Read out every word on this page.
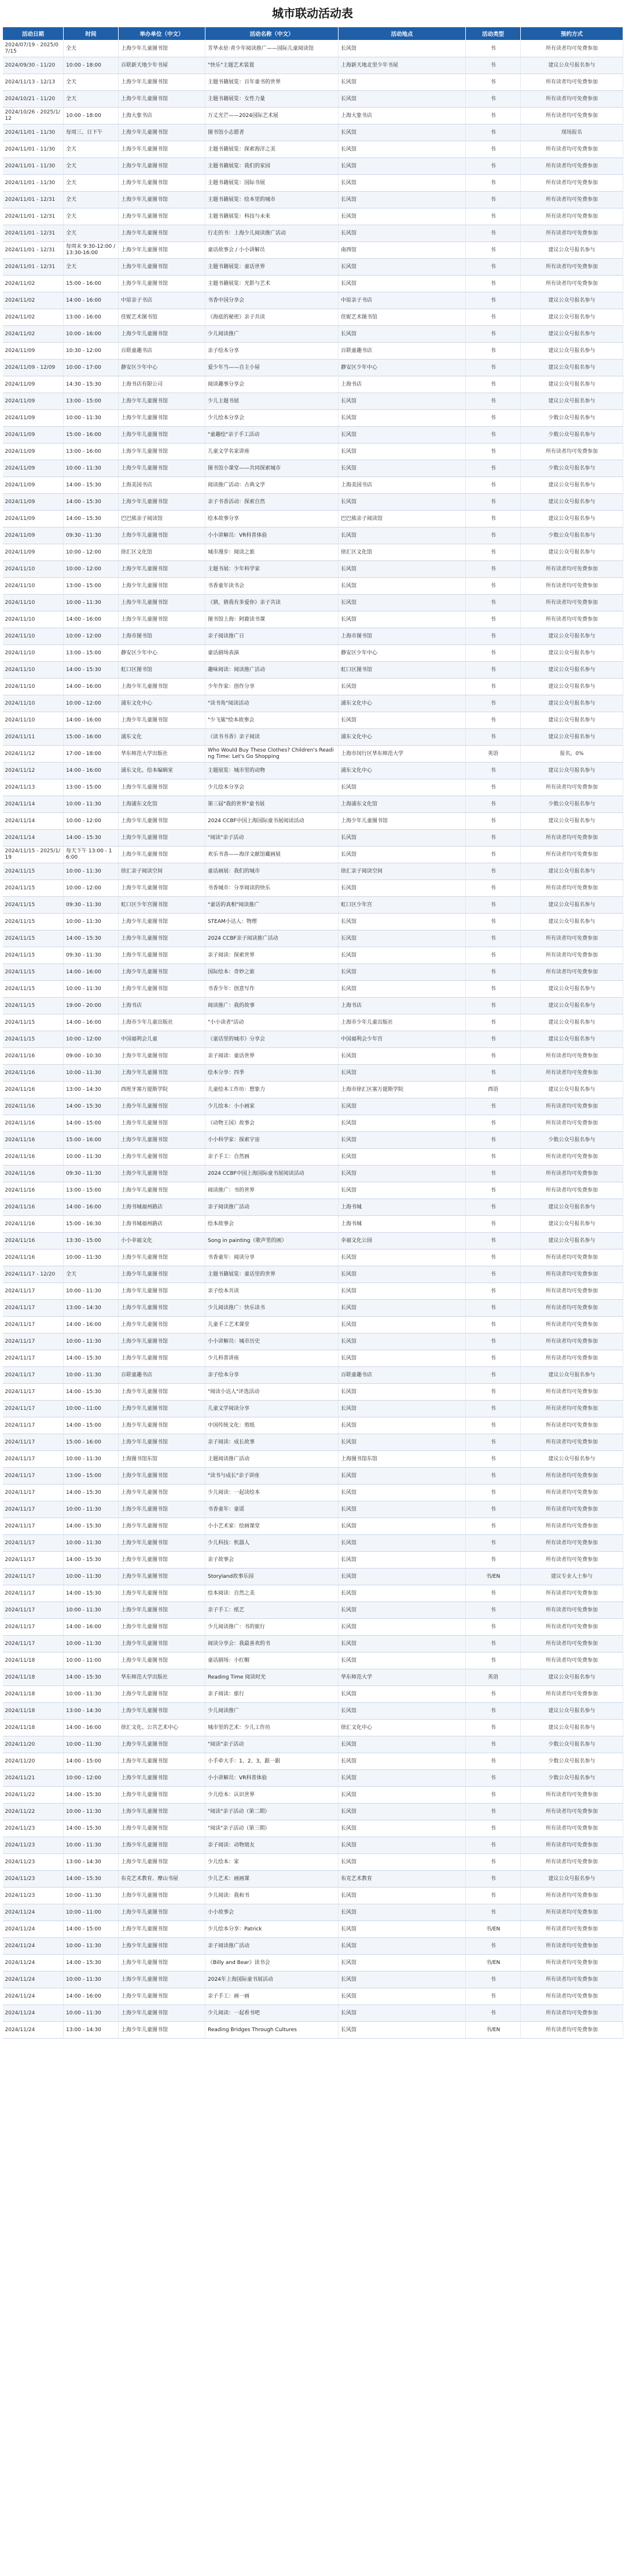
城市联动活动表
活动日期	时间	举办单位（中文）	活动名称（中文）	活动地点	活动类型	预约方式
2024/07/19 - 2025/07/15	全天	上海少年儿童图书馆	芳华永驻·青少年阅读推广——国际儿童阅读馆	长风馆	书	所有读者均可免费参加
2024/09/30 - 11/20	10:00 - 18:00	百联新天地少年书屋	"快乐"主题艺术装置	上海新天地北里少年书屋	书	建议公众号报名参与
2024/11/13 - 12/13	全天	上海少年儿童图书馆	主题书籍展览：百年童书的世界	长风馆	书	所有读者均可免费参加
2024/10/21 - 11/20	全天	上海少年儿童图书馆	主题书籍展览：女性力量	长风馆	书	所有读者均可免费参加
2024/10/26 - 2025/1/12	10:00 - 18:00	上海大象书店	万丈光芒——2024国际艺术展	上海大象书店	书	所有读者均可免费参加
2024/11/01 - 11/30	每周三、日下午	上海少年儿童图书馆	图书馆小志愿者	长风馆	书	现场报名
2024/11/01 - 11/30	全天	上海少年儿童图书馆	主题书籍展览：探索海洋之美	长风馆	书	所有读者均可免费参加
2024/11/01 - 11/30	全天	上海少年儿童图书馆	主题书籍展览：我们的家园	长风馆	书	所有读者均可免费参加
2024/11/01 - 11/30	全天	上海少年儿童图书馆	主题书籍展览：国际书展	长风馆	书	所有读者均可免费参加
2024/11/01 - 12/31	全天	上海少年儿童图书馆	主题书籍展览：绘本里的城市	长风馆	书	所有读者均可免费参加
2024/11/01 - 12/31	全天	上海少年儿童图书馆	主题书籍展览：科技与未来	长风馆	书	所有读者均可免费参加
2024/11/01 - 12/31	全天	上海少年儿童图书馆	行走的书：上海少儿阅读推广活动	长风馆	书	所有读者均可免费参加
2024/11/01 - 12/31	每周末 9:30-12:00 / 13:30-16:00	上海少年儿童图书馆	童话故事会 / 小小讲解员	南西馆	书	建议公众号报名参与
2024/11/01 - 12/31	全天	上海少年儿童图书馆	主题书籍展览：童话世界	长风馆	书	所有读者均可免费参加
2024/11/02	15:00 - 16:00	上海少年儿童图书馆	主题书籍展览：光影与艺术	长风馆	书	所有读者均可免费参加
2024/11/02	14:00 - 16:00	中原亲子书店	书香中国分享会	中原亲子书店	书	建议公众号报名参与
2024/11/02	13:00 - 16:00	佳妮艺术图书馆	《海底的秘密》亲子共读	佳妮艺术图书馆	书	建议公众号报名参与
2024/11/02	10:00 - 16:00	上海少年儿童图书馆	少儿阅读推广	长风馆	书	建议公众号报名参与
2024/11/09	10:30 - 12:00	百联童趣书店	亲子绘本分享	百联童趣书店	书	建议公众号报名参与
2024/11/09 - 12/09	10:00 - 17:00	静安区少年中心	爱少年当——自主小屋	静安区少年中心	书	建议公众号报名参与
2024/11/09	14:30 - 15:30	上海书店有限公司	阅读趣事分享会	上海书店	书	建议公众号报名参与
2024/11/09	13:00 - 15:00	上海少年儿童图书馆	少儿主题书展	长风馆	书	建议公众号报名参与
2024/11/09	10:00 - 11:30	上海少年儿童图书馆	少儿绘本分享会	长风馆	书	少数公众号报名参与
2024/11/09	15:00 - 16:00	上海少年儿童图书馆	"童趣绘"亲子手工活动	长风馆	书	少数公众号报名参与
2024/11/09	13:00 - 16:00	上海少年儿童图书馆	儿童文学名家讲座	长风馆	书	所有读者均可免费参加
2024/11/09	10:00 - 11:30	上海少年儿童图书馆	图书馆小课堂——共同探索城市	长风馆	书	少数公众号报名参与
2024/11/09	14:00 - 15:30	上海美国书店	阅读推广活动：古典文学	上海美国书店	书	建议公众号报名参与
2024/11/09	14:00 - 15:30	上海少年儿童图书馆	亲子书香活动：探索自然	长风馆	书	建议公众号报名参与
2024/11/09	14:00 - 15:30	巴巴熊亲子阅读馆	绘本故事分享	巴巴熊亲子阅读馆	书	建议公众号报名参与
2024/11/09	09:30 - 11:30	上海少年儿童图书馆	小小讲解员：VR科普体验	长风馆	书	少数公众号报名参与
2024/11/09	10:00 - 12:00	徐汇区文化馆	城市漫步：阅读之旅	徐汇区文化馆	书	建议公众号报名参与
2024/11/10	10:00 - 12:00	上海少年儿童图书馆	主题书展：少年科学家	长风馆	书	所有读者均可免费参加
2024/11/10	13:00 - 15:00	上海少年儿童图书馆	书香童年读书会	长风馆	书	所有读者均可免费参加
2024/11/10	10:00 - 11:30	上海少年儿童图书馆	《猜，猜我有多爱你》亲子共读	长风馆	书	所有读者均可免费参加
2024/11/10	14:00 - 16:00	上海少年儿童图书馆	图书馆上海：阿鹿读书课	长风馆	书	所有读者均可免费参加
2024/11/10	10:00 - 12:00	上海市图书馆	亲子阅读推广日	上海市图书馆	书	建议公众号报名参与
2024/11/10	13:00 - 15:00	静安区少年中心	童话剧场表演	静安区少年中心	书	建议公众号报名参与
2024/11/10	14:00 - 15:30	虹口区图书馆	趣味阅读：阅读推广活动	虹口区图书馆	书	建议公众号报名参与
2024/11/10	14:00 - 16:00	上海少年儿童图书馆	少年作家：创作分享	长风馆	书	建议公众号报名参与
2024/11/10	10:00 - 12:00	浦东文化中心	"读书角"阅读活动	浦东文化中心	书	建议公众号报名参与
2024/11/10	14:00 - 16:00	上海少年儿童图书馆	"少飞鲨"绘本故事会	长风馆	书	建议公众号报名参与
2024/11/11	15:00 - 16:00	浦东文化	《读书书香》亲子阅读	浦东文化中心	书	建议公众号报名参与
2024/11/12	17:00 - 18:00	华东师范大学出版社	Who Would Buy These Clothes? Children's Reading Time: Let's Go Shopping	上海市闵行区华东师范大学	英语	报名，0%
2024/11/12	14:00 - 16:00	浦东文化、绘本编辑室	主题展览：城市里的动物	浦东文化中心	书	建议公众号报名参与
2024/11/13	13:00 - 15:00	上海少年儿童图书馆	少儿绘本分享会	长风馆	书	所有读者均可免费参加
2024/11/14	10:00 - 11:30	上海浦东文化馆	第三届"我的世界"童书展	上海浦东文化馆	书	少数公众号报名参与
2024/11/14	10:00 - 12:00	上海少年儿童图书馆	2024 CCBF中国上海国际童书展阅读活动	上海少年儿童图书馆	书	建议公众号报名参与
2024/11/14	14:00 - 15:30	上海少年儿童图书馆	"阅读"亲子活动	长风馆	书	所有读者均可免费参加
2024/11/15 - 2025/1/19	每天下午 13:00 - 16:00	上海少年儿童图书馆	欢乐书香——海洋文献馆藏画展	长风馆	书	所有读者均可免费参加
2024/11/15	10:00 - 11:30	徐汇亲子阅读空间	童话画展：我们的城市	徐汇亲子阅读空间	书	建议公众号报名参与
2024/11/15	10:00 - 12:00	上海少年儿童图书馆	书香城市：分享阅读的快乐	长风馆	书	所有读者均可免费参加
2024/11/15	09:30 - 11:30	虹口区少年宫图书馆	"童话的真相"阅读推广	虹口区少年宫	书	建议公众号报名参与
2024/11/15	10:00 - 11:30	上海少年儿童图书馆	STEAM小达人：物理	长风馆	书	建议公众号报名参与
2024/11/15	14:00 - 15:30	上海少年儿童图书馆	2024 CCBF亲子阅读推广活动	长风馆	书	所有读者均可免费参加
2024/11/15	09:30 - 11:30	上海少年儿童图书馆	亲子阅读：探索世界	长风馆	书	所有读者均可免费参加
2024/11/15	14:00 - 16:00	上海少年儿童图书馆	国际绘本：奇妙之旅	长风馆	书	所有读者均可免费参加
2024/11/15	10:00 - 11:30	上海少年儿童图书馆	书香少年：创意写作	长风馆	书	建议公众号报名参与
2024/11/15	19:00 - 20:00	上海书店	阅读推广：我的故事	上海书店	书	建议公众号报名参与
2024/11/15	14:00 - 16:00	上海市少年儿童出版社	"小小读者"活动	上海市少年儿童出版社	书	建议公众号报名参与
2024/11/15	10:00 - 12:00	中国福利会儿童	《童话里的城市》分享会	中国福利会少年宫	书	建议公众号报名参与
2024/11/16	09:00 - 10:30	上海少年儿童图书馆	亲子阅读：童话世界	长风馆	书	所有读者均可免费参加
2024/11/16	10:00 - 11:30	上海少年儿童图书馆	绘本分享：四季	长风馆	书	所有读者均可免费参加
2024/11/16	13:00 - 14:30	西班牙塞万提斯学院	儿童绘本工作坊：想象力	上海市徐汇区塞万提斯学院	西语	建议公众号报名参与
2024/11/16	14:00 - 15:30	上海少年儿童图书馆	少儿绘本：小小画家	长风馆	书	所有读者均可免费参加
2024/11/16	14:00 - 15:00	上海少年儿童图书馆	《动物王国》故事会	长风馆	书	所有读者均可免费参加
2024/11/16	15:00 - 16:00	上海少年儿童图书馆	小小科学家：探索宇宙	长风馆	书	少数公众号报名参与
2024/11/16	10:00 - 11:30	上海少年儿童图书馆	亲子手工：自然画	长风馆	书	所有读者均可免费参加
2024/11/16	09:30 - 11:30	上海少年儿童图书馆	2024 CCBF中国上海国际童书展阅读活动	长风馆	书	所有读者均可免费参加
2024/11/16	13:00 - 15:00	上海少年儿童图书馆	阅读推广：书的世界	长风馆	书	所有读者均可免费参加
2024/11/16	14:00 - 16:00	上海书城福州路店	亲子阅读推广活动	上海书城	书	建议公众号报名参与
2024/11/16	15:00 - 16:30	上海书城福州路店	绘本故事会	上海书城	书	建议公众号报名参与
2024/11/16	13:30 - 15:00	小小幸福文化	Song in painting（歌声里的画）	幸福文化公园	书	建议公众号报名参与
2024/11/16	10:00 - 11:30	上海少年儿童图书馆	书香童年：阅读分享	长风馆	书	所有读者均可免费参加
2024/11/17 - 12/20	全天	上海少年儿童图书馆	主题书籍展览：童话里的世界	长风馆	书	所有读者均可免费参加
2024/11/17	10:00 - 11:30	上海少年儿童图书馆	亲子绘本共读	长风馆	书	所有读者均可免费参加
2024/11/17	13:00 - 14:30	上海少年儿童图书馆	少儿阅读推广：快乐读书	长风馆	书	所有读者均可免费参加
2024/11/17	14:00 - 16:00	上海少年儿童图书馆	儿童手工艺术课堂	长风馆	书	所有读者均可免费参加
2024/11/17	10:00 - 11:30	上海少年儿童图书馆	小小讲解员：城市历史	长风馆	书	所有读者均可免费参加
2024/11/17	14:00 - 15:30	上海少年儿童图书馆	少儿科普讲座	长风馆	书	所有读者均可免费参加
2024/11/17	10:00 - 11:30	百联童趣书店	亲子绘本分享	百联童趣书店	书	建议公众号报名参与
2024/11/17	14:00 - 15:30	上海少年儿童图书馆	"阅读小达人"评选活动	长风馆	书	所有读者均可免费参加
2024/11/17	10:00 - 11:00	上海少年儿童图书馆	儿童文学阅读分享	长风馆	书	所有读者均可免费参加
2024/11/17	14:00 - 15:00	上海少年儿童图书馆	中国传统文化：剪纸	长风馆	书	所有读者均可免费参加
2024/11/17	15:00 - 16:00	上海少年儿童图书馆	亲子阅读：成长故事	长风馆	书	所有读者均可免费参加
2024/11/17	10:00 - 11:30	上海图书馆东馆	主题阅读推广活动	上海图书馆东馆	书	建议公众号报名参与
2024/11/17	13:00 - 15:00	上海少年儿童图书馆	"读书与成长"亲子讲座	长风馆	书	所有读者均可免费参加
2024/11/17	14:00 - 15:30	上海少年儿童图书馆	少儿阅读：一起读绘本	长风馆	书	所有读者均可免费参加
2024/11/17	10:00 - 11:30	上海少年儿童图书馆	书香童年：童谣	长风馆	书	所有读者均可免费参加
2024/11/17	14:00 - 15:30	上海少年儿童图书馆	小小艺术家：绘画课堂	长风馆	书	所有读者均可免费参加
2024/11/17	10:00 - 11:30	上海少年儿童图书馆	少儿科技：机器人	长风馆	书	所有读者均可免费参加
2024/11/17	14:00 - 15:30	上海少年儿童图书馆	亲子故事会	长风馆	书	所有读者均可免费参加
2024/11/17	10:00 - 11:30	上海少年儿童图书馆	Storyland故事乐园	长风馆	书/EN	建议专业人士参与
2024/11/17	14:00 - 15:30	上海少年儿童图书馆	绘本阅读：自然之美	长风馆	书	所有读者均可免费参加
2024/11/17	10:00 - 11:30	上海少年儿童图书馆	亲子手工：纸艺	长风馆	书	所有读者均可免费参加
2024/11/17	14:00 - 16:00	上海少年儿童图书馆	少儿阅读推广：书的旅行	长风馆	书	所有读者均可免费参加
2024/11/17	10:00 - 11:30	上海少年儿童图书馆	阅读分享会：我最喜欢的书	长风馆	书	所有读者均可免费参加
2024/11/18	10:00 - 11:00	上海少年儿童图书馆	童话剧场：小红帽	长风馆	书	所有读者均可免费参加
2024/11/18	14:00 - 15:30	华东师范大学出版社	Reading Time 阅读时光	华东师范大学	英语	建议公众号报名参与
2024/11/18	10:00 - 11:30	上海少年儿童图书馆	亲子阅读：旅行	长风馆	书	所有读者均可免费参加
2024/11/18	13:00 - 14:30	上海少年儿童图书馆	少儿阅读推广	长风馆	书	建议公众号报名参与
2024/11/18	14:00 - 16:00	徐汇文化、公共艺术中心	城市里的艺术：少儿工作坊	徐汇文化中心	书	建议公众号报名参与
2024/11/20	10:00 - 11:30	上海少年儿童图书馆	"阅读"亲子活动	长风馆	书	少数公众号报名参与
2024/11/20	14:00 - 15:00	上海少年儿童图书馆	小手牵大手：1、2、3，跟一跟	长风馆	书	少数公众号报名参与
2024/11/21	10:00 - 12:00	上海少年儿童图书馆	小小讲解员：VR科普体验	长风馆	书	少数公众号报名参与
2024/11/22	14:00 - 15:30	上海少年儿童图书馆	少儿绘本：认识世界	长风馆	书	所有读者均可免费参加
2024/11/22	10:00 - 11:30	上海少年儿童图书馆	"阅读"亲子活动（第二期）	长风馆	书	所有读者均可免费参加
2024/11/23	14:00 - 15:30	上海少年儿童图书馆	"阅读"亲子活动（第三期）	长风馆	书	所有读者均可免费参加
2024/11/23	10:00 - 11:30	上海少年儿童图书馆	亲子阅读：动物朋友	长风馆	书	所有读者均可免费参加
2024/11/23	13:00 - 14:30	上海少年儿童图书馆	少儿绘本：家	长风馆	书	所有读者均可免费参加
2024/11/23	14:00 - 15:30	布克艺术教育、摩山书屋	少儿艺术：画画课	布克艺术教育	书	建议公众号报名参与
2024/11/23	10:00 - 11:30	上海少年儿童图书馆	少儿阅读：我和书	长风馆	书	所有读者均可免费参加
2024/11/24	10:00 - 11:00	上海少年儿童图书馆	小小故事会	长风馆	书	所有读者均可免费参加
2024/11/24	14:00 - 15:00	上海少年儿童图书馆	少儿绘本分享：Patrick	长风馆	书/EN	所有读者均可免费参加
2024/11/24	10:00 - 11:30	上海少年儿童图书馆	亲子阅读推广活动	长风馆	书	所有读者均可免费参加
2024/11/24	14:00 - 15:30	上海少年儿童图书馆	《Billy and Bear》读书会	长风馆	书/EN	所有读者均可免费参加
2024/11/24	10:00 - 11:30	上海少年儿童图书馆	2024年上海国际童书展活动	长风馆	书	所有读者均可免费参加
2024/11/24	14:00 - 16:00	上海少年儿童图书馆	亲子手工：画一画	长风馆	书	所有读者均可免费参加
2024/11/24	10:00 - 11:30	上海少年儿童图书馆	少儿阅读：一起看书吧	长风馆	书	所有读者均可免费参加
2024/11/24	13:00 - 14:30	上海少年儿童图书馆	Reading Bridges Through Cultures	长风馆	书/EN	所有读者均可免费参加
